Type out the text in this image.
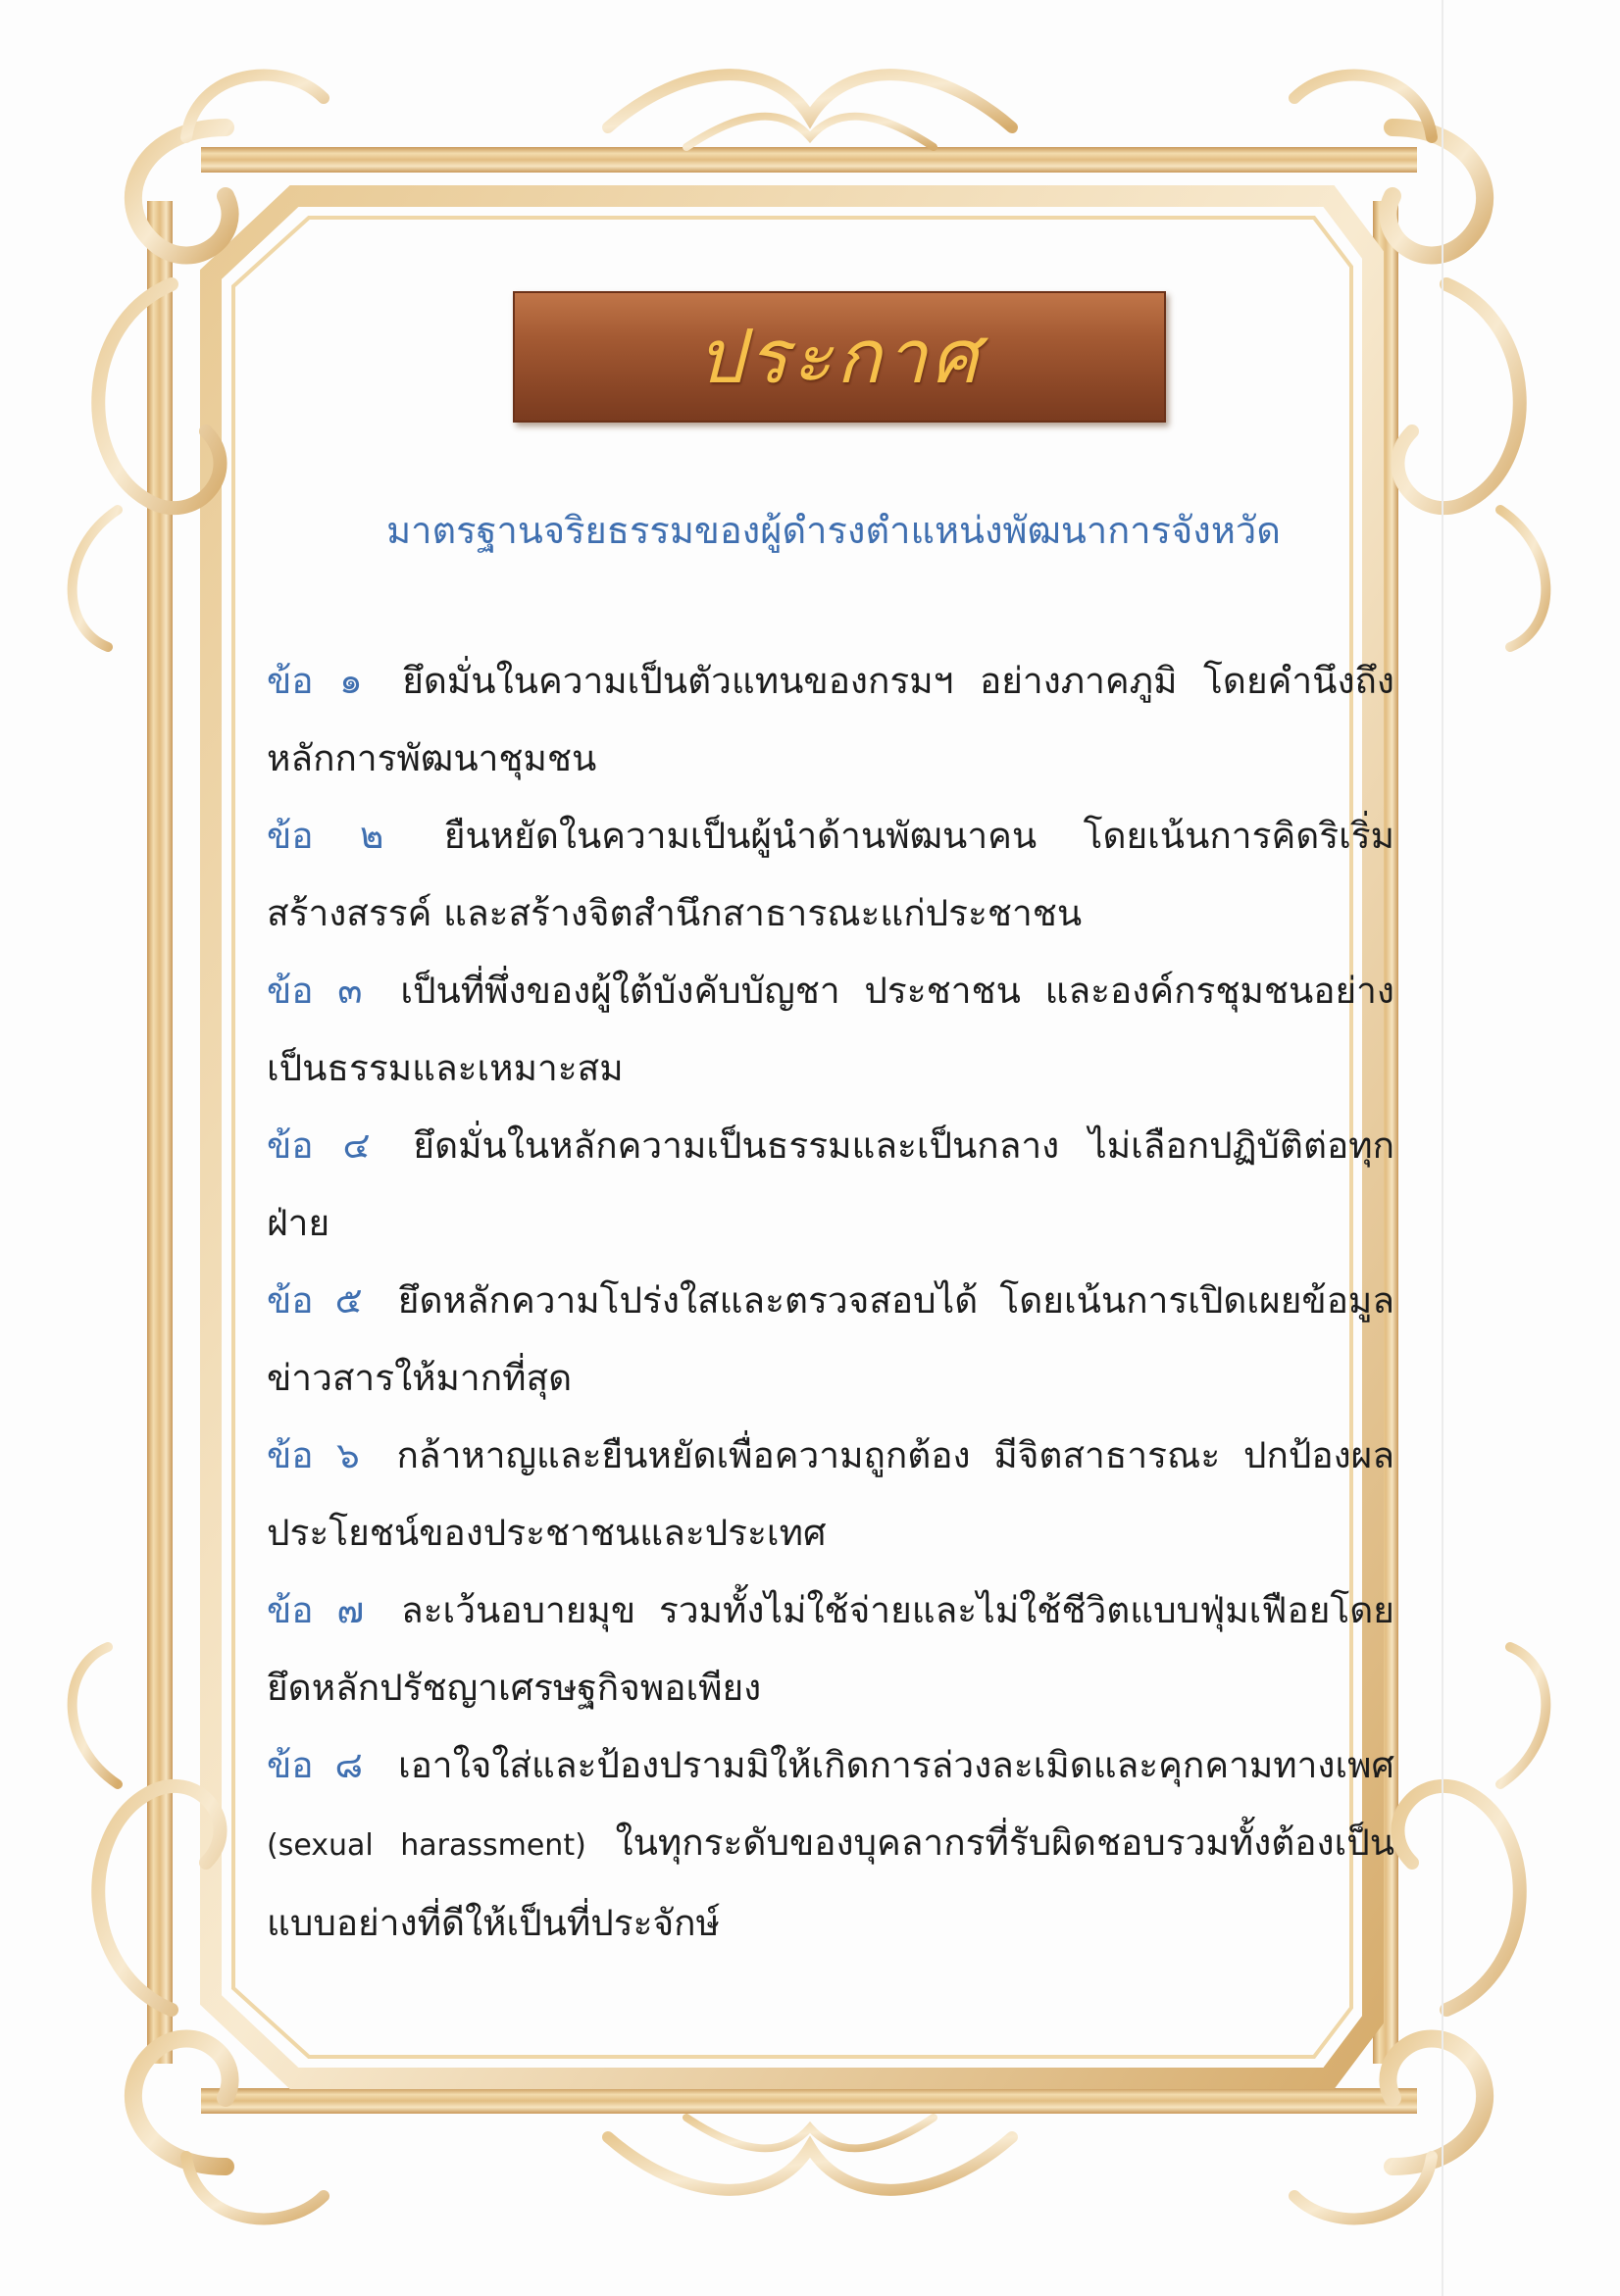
ประกาศ
มาตรฐานจริยธรรมของผู้ดำรงตำแหน่งพัฒนาการจังหวัด
ข้อ ๑ ยึดมั่นในความเป็นตัวแทนของกรมฯ อย่างภาคภูมิ โดยคำนึงถึงหลักการพัฒนาชุมชน
ข้อ ๒ ยืนหยัดในความเป็นผู้นำด้านพัฒนาคน โดยเน้นการคิดริเริ่มสร้างสรรค์ และสร้างจิตสำนึกสาธารณะแก่ประชาชน
ข้อ ๓ เป็นที่พึ่งของผู้ใต้บังคับบัญชา ประชาชน และองค์กรชุมชนอย่างเป็นธรรมและเหมาะสม
ข้อ ๔ ยึดมั่นในหลักความเป็นธรรมและเป็นกลาง ไม่เลือกปฏิบัติต่อทุกฝ่าย
ข้อ ๕ ยึดหลักความโปร่งใสและตรวจสอบได้ โดยเน้นการเปิดเผยข้อมูลข่าวสารให้มากที่สุด
ข้อ ๖ กล้าหาญและยืนหยัดเพื่อความถูกต้อง มีจิตสาธารณะ ปกป้องผลประโยชน์ของประชาชนและประเทศ
ข้อ ๗ ละเว้นอบายมุข รวมทั้งไม่ใช้จ่ายและไม่ใช้ชีวิตแบบฟุ่มเฟือยโดยยึดหลักปรัชญาเศรษฐกิจพอเพียง
ข้อ ๘ เอาใจใส่และป้องปรามมิให้เกิดการล่วงละเมิดและคุกคามทางเพศ (sexual harassment) ในทุกระดับของบุคลากรที่รับผิดชอบรวมทั้งต้องเป็นแบบอย่างที่ดีให้เป็นที่ประจักษ์
